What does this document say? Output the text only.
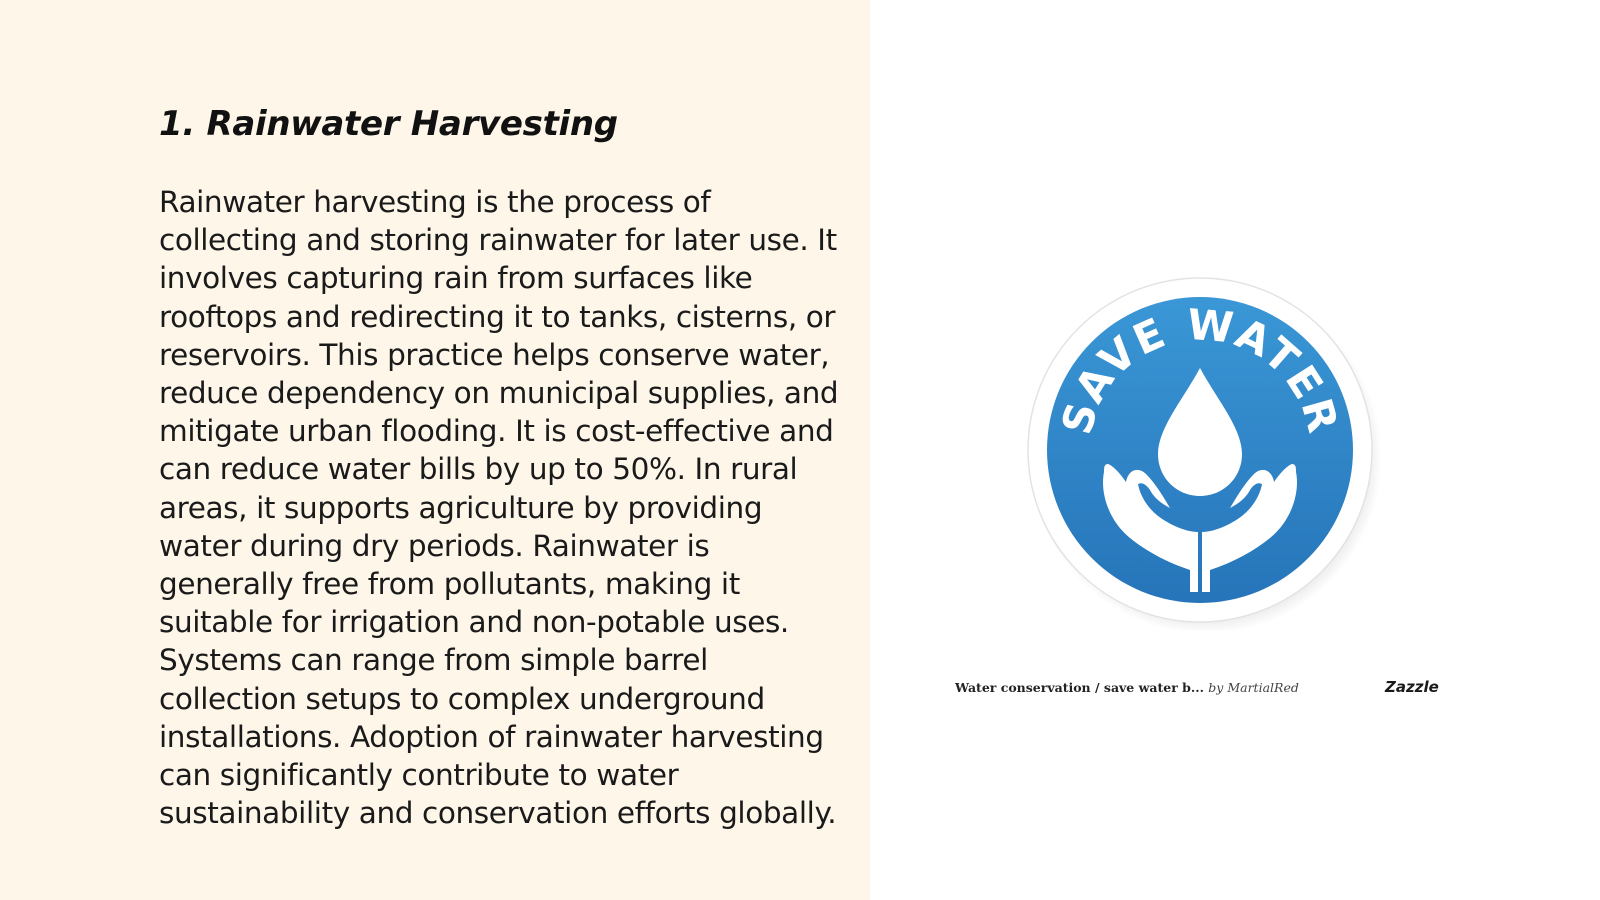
1. Rainwater Harvesting

Rainwater harvesting is the process of collecting and storing rainwater for later use. It involves capturing rain from surfaces like rooftops and redirecting it to tanks, cisterns, or reservoirs. This practice helps conserve water, reduce dependency on municipal supplies, and mitigate urban flooding. It is cost-effective and can reduce water bills by up to 50%. In rural areas, it supports agriculture by providing water during dry periods. Rainwater is generally free from pollutants, making it suitable for irrigation and non-potable uses. Systems can range from simple barrel collection setups to complex underground installations. Adoption of rainwater harvesting can significantly contribute to water sustainability and conservation efforts globally.

SAVE WATER
Water conservation / save water b... by MartialRed	Zazzle
